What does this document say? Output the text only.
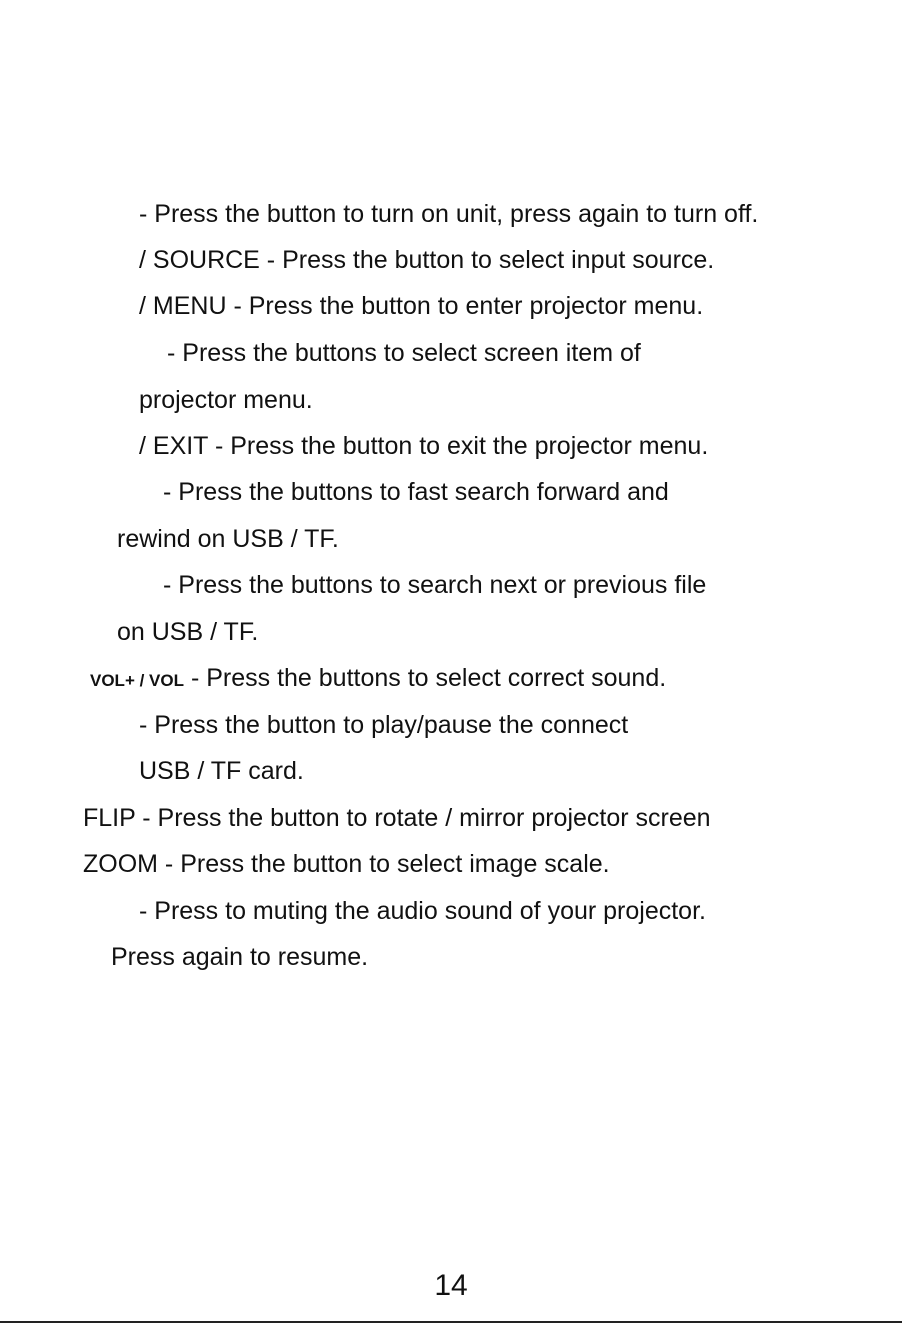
- Press the button to turn on unit, press again to turn off.
/ SOURCE - Press the button to select input source.
/ MENU - Press the button to enter projector menu.
- Press the buttons to select screen item of
projector menu.
/ EXIT - Press the button to exit the projector menu.
- Press the buttons to fast search forward and
rewind on USB / TF.
- Press the buttons to search next or previous file
on USB / TF.
VOL+ / VOL - Press the buttons to select correct sound.
- Press the button to play/pause the connect
USB / TF card.
FLIP - Press the button to rotate / mirror projector screen
ZOOM - Press the button to select image scale.
- Press to muting the audio sound of your projector.
Press again to resume.
14
